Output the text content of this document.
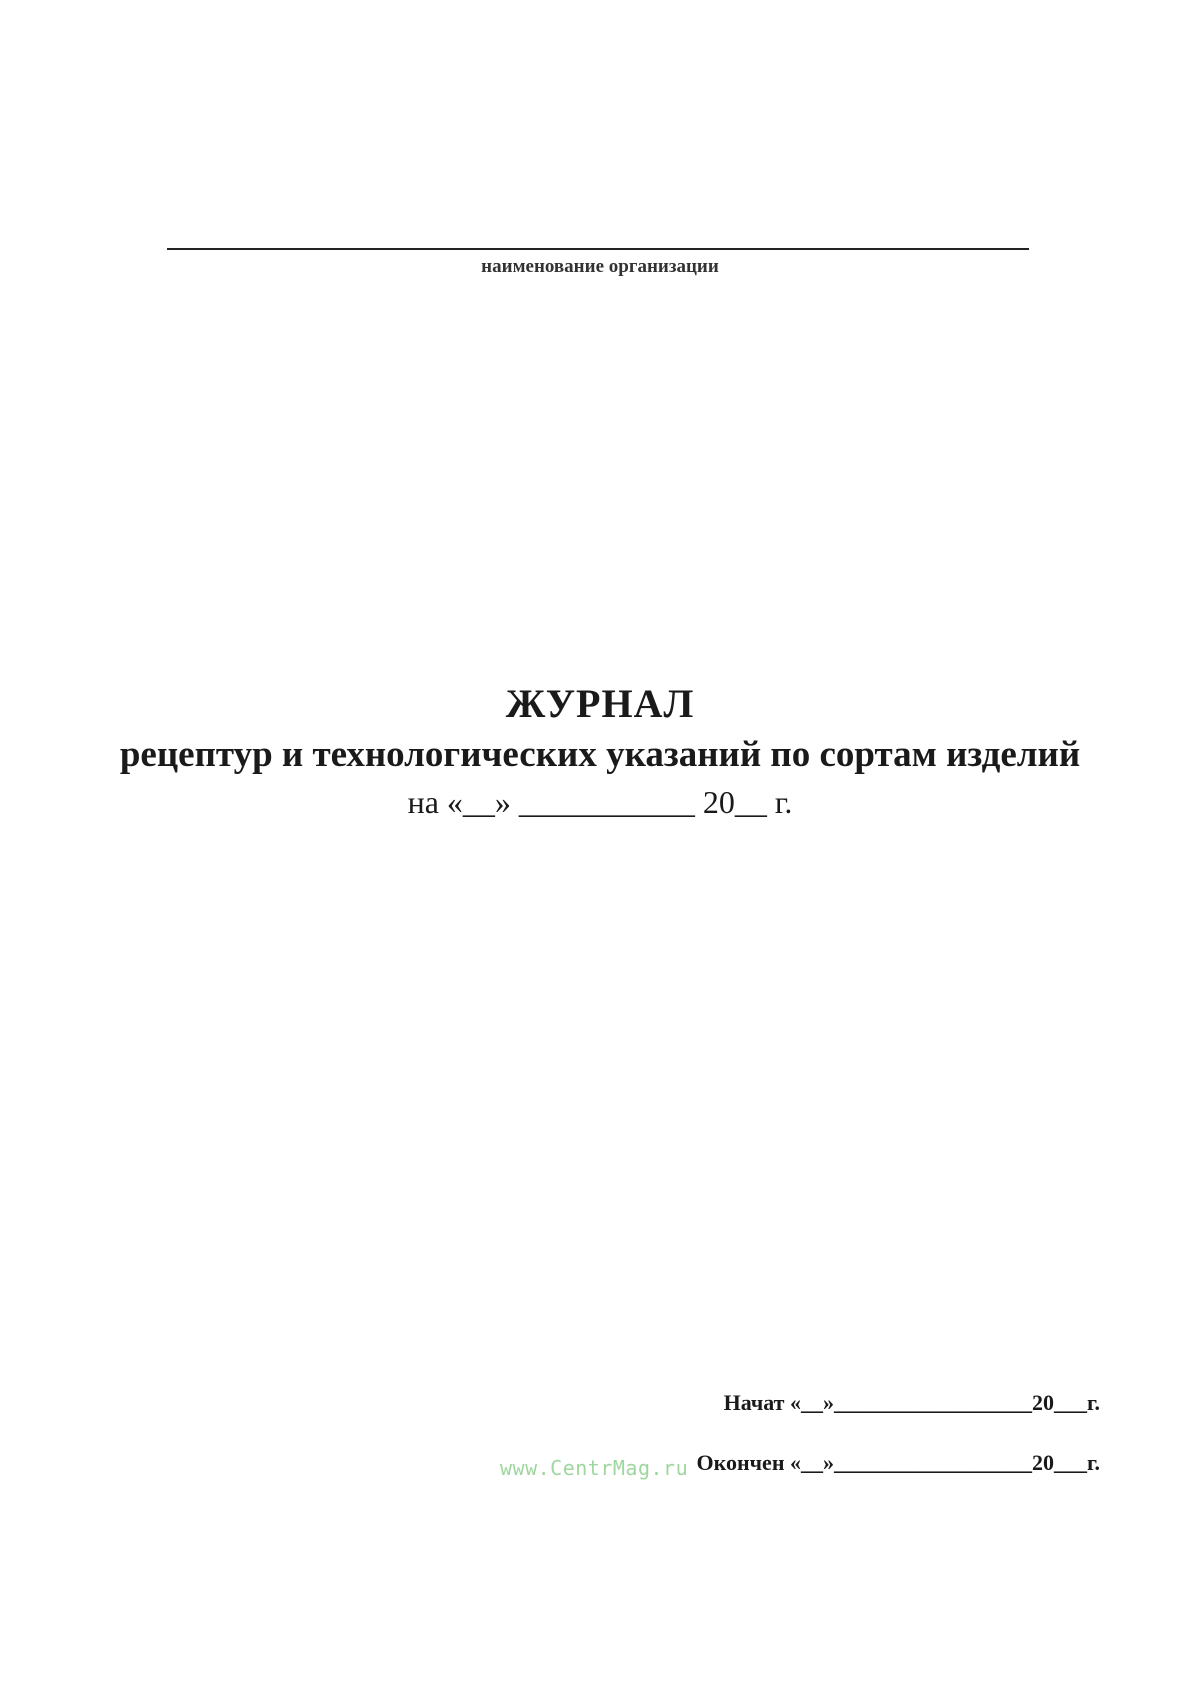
наименование организации
ЖУРНАЛ
рецептур и технологических указаний по сортам изделий
на «__» ___________ 20__ г.
Начат «__»__________________20___г.
Окончен «__»__________________20___г.
www.CentrMag.ru
